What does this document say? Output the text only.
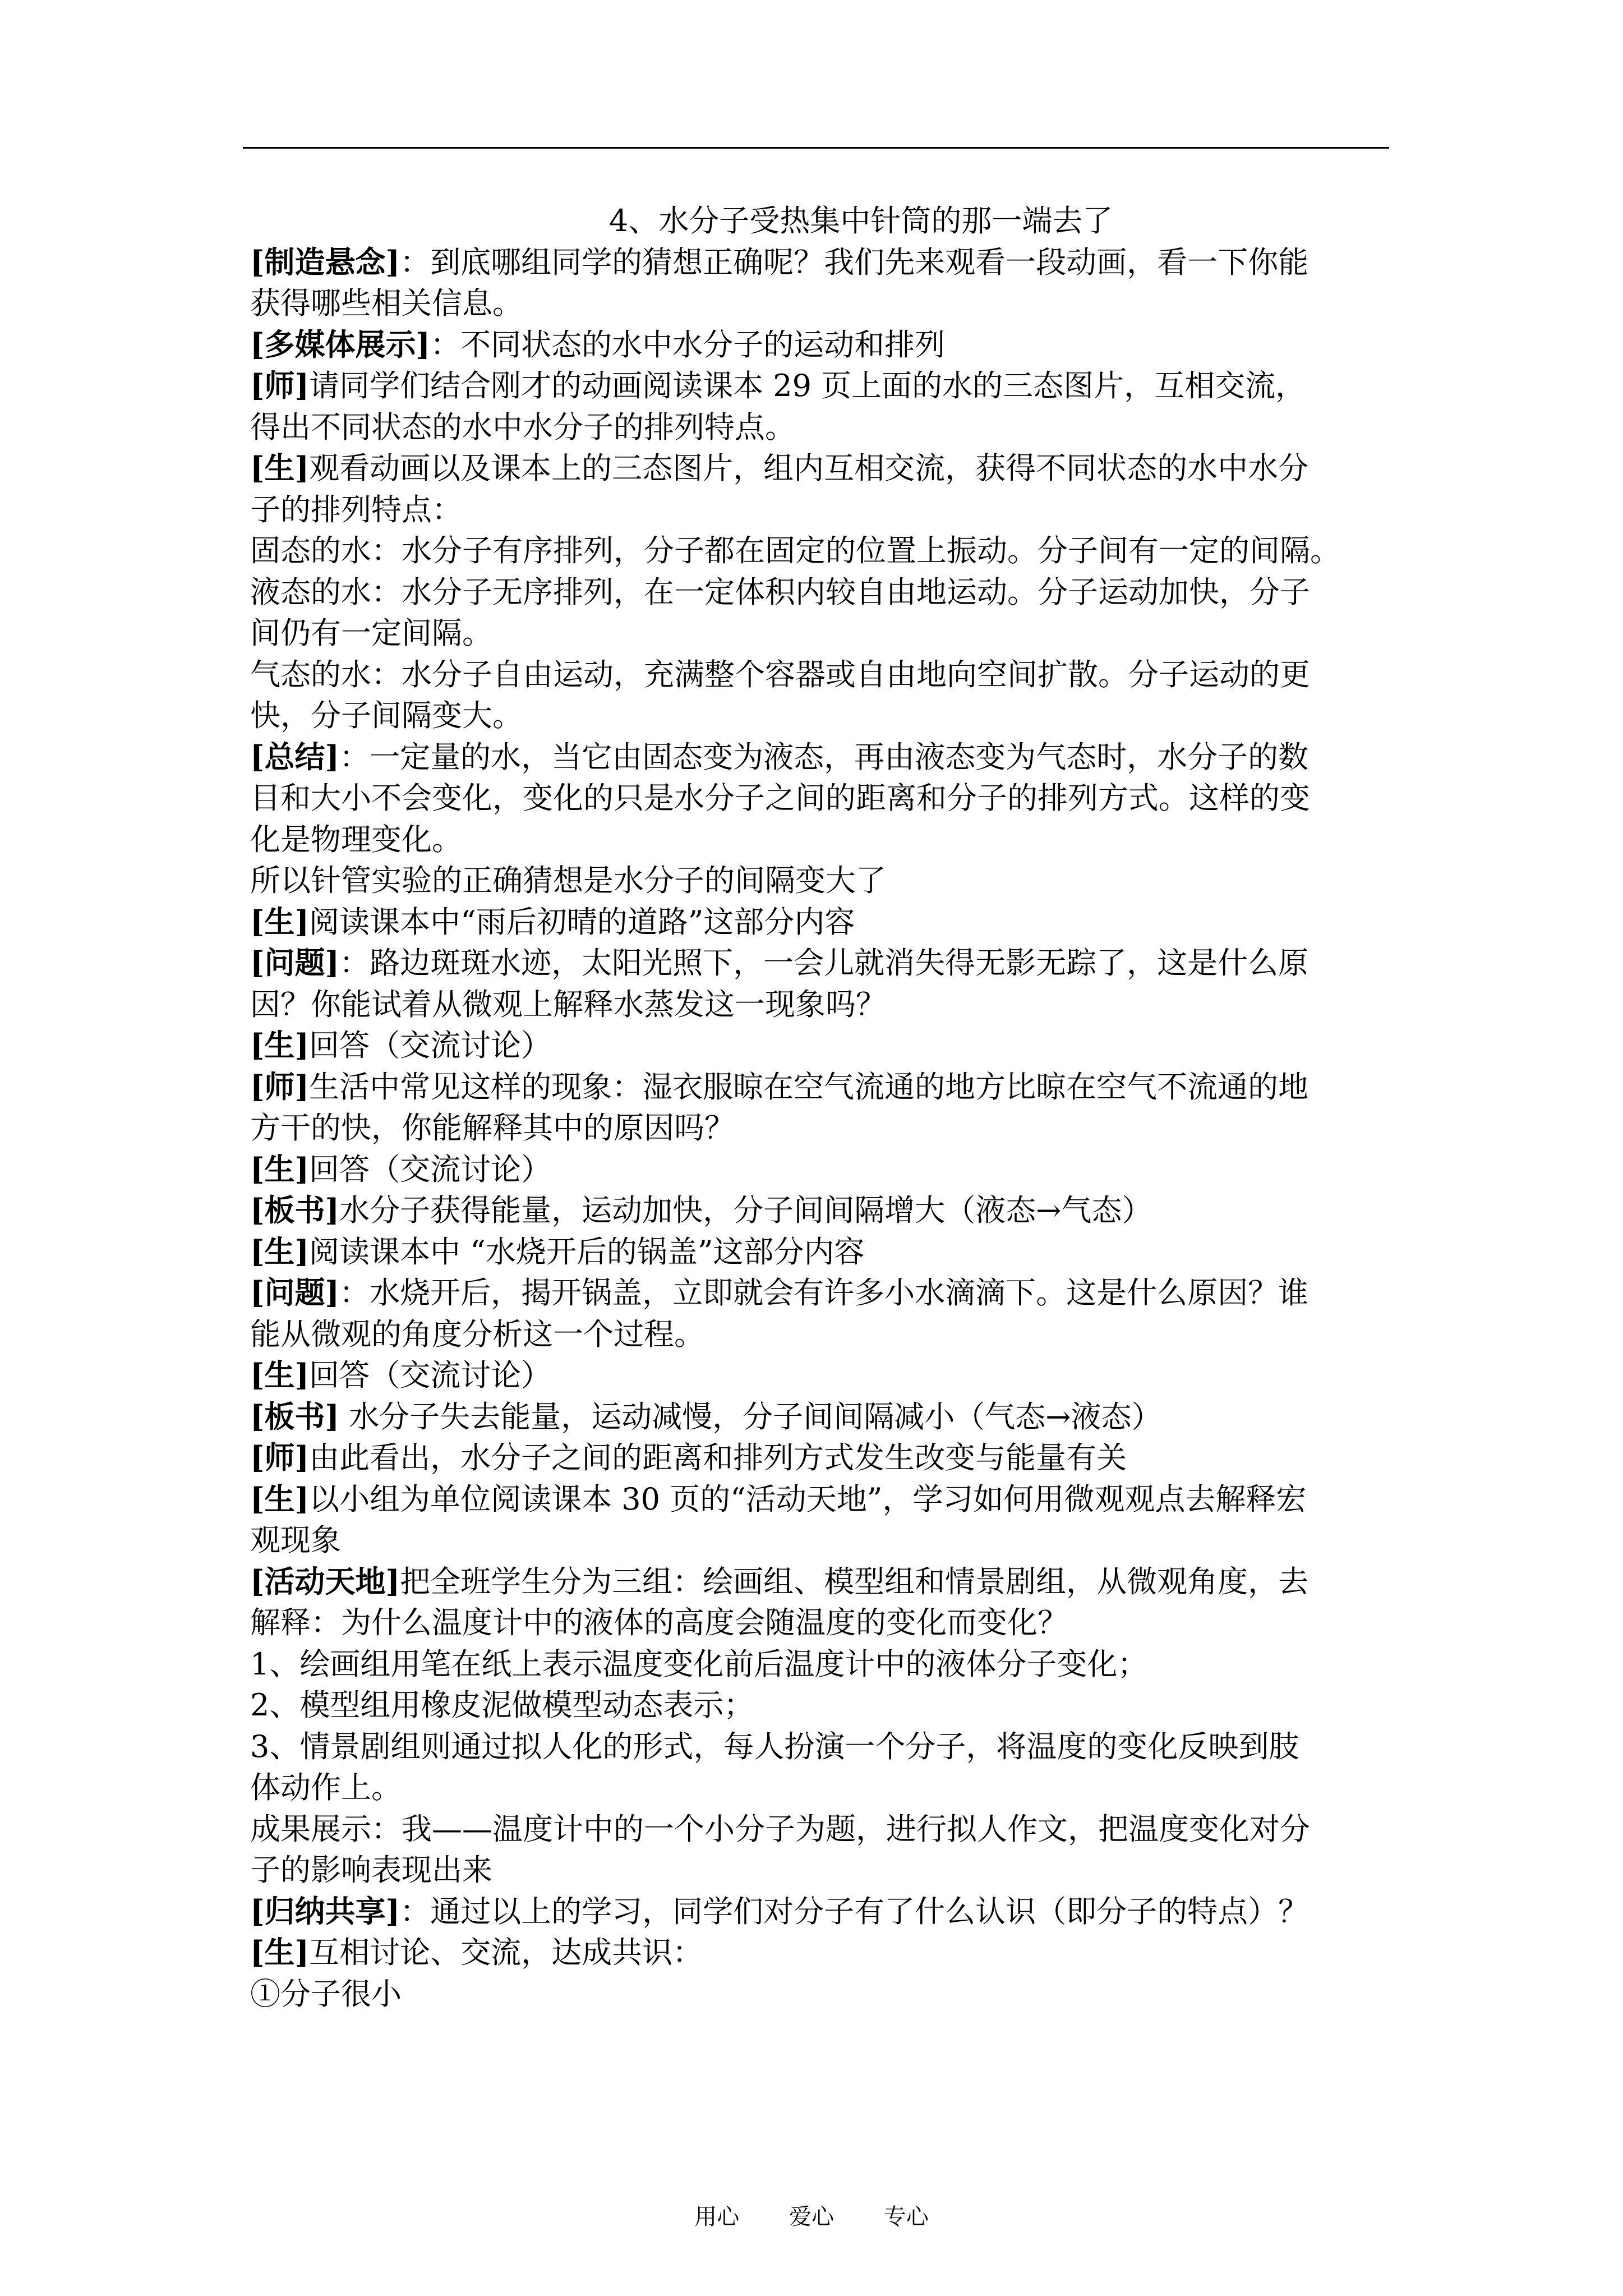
4、水分子受热集中针筒的那一端去了
[制造悬念]：到底哪组同学的猜想正确呢？我们先来观看一段动画，看一下你能
获得哪些相关信息。
[多媒体展示]：不同状态的水中水分子的运动和排列
[师]请同学们结合刚才的动画阅读课本 29 页上面的水的三态图片，互相交流，
得出不同状态的水中水分子的排列特点。
[生]观看动画以及课本上的三态图片，组内互相交流，获得不同状态的水中水分
子的排列特点：
固态的水：水分子有序排列，分子都在固定的位置上振动。分子间有一定的间隔。
液态的水：水分子无序排列，在一定体积内较自由地运动。分子运动加快，分子
间仍有一定间隔。
气态的水：水分子自由运动，充满整个容器或自由地向空间扩散。分子运动的更
快，分子间隔变大。
[总结]：一定量的水，当它由固态变为液态，再由液态变为气态时，水分子的数
目和大小不会变化，变化的只是水分子之间的距离和分子的排列方式。这样的变
化是物理变化。
所以针管实验的正确猜想是水分子的间隔变大了
[生]阅读课本中“雨后初晴的道路”这部分内容
[问题]：路边斑斑水迹，太阳光照下，一会儿就消失得无影无踪了，这是什么原
因？你能试着从微观上解释水蒸发这一现象吗？
[生]回答（交流讨论）
[师]生活中常见这样的现象：湿衣服晾在空气流通的地方比晾在空气不流通的地
方干的快，你能解释其中的原因吗？
[生]回答（交流讨论）
[板书]水分子获得能量，运动加快，分子间间隔增大（液态→气态）
[生]阅读课本中 “水烧开后的锅盖”这部分内容
[问题]：水烧开后，揭开锅盖，立即就会有许多小水滴滴下。这是什么原因？谁
能从微观的角度分析这一个过程。
[生]回答（交流讨论）
[板书] 水分子失去能量，运动减慢，分子间间隔减小（气态→液态）
[师]由此看出，水分子之间的距离和排列方式发生改变与能量有关
[生]以小组为单位阅读课本 30 页的“活动天地”，学习如何用微观观点去解释宏
观现象
[活动天地]把全班学生分为三组：绘画组、模型组和情景剧组，从微观角度，去
解释：为什么温度计中的液体的高度会随温度的变化而变化？
1、绘画组用笔在纸上表示温度变化前后温度计中的液体分子变化；
2、模型组用橡皮泥做模型动态表示；
3、情景剧组则通过拟人化的形式，每人扮演一个分子，将温度的变化反映到肢
体动作上。
成果展示：我——温度计中的一个小分子为题，进行拟人作文，把温度变化对分
子的影响表现出来
[归纳共享]：通过以上的学习，同学们对分子有了什么认识（即分子的特点）？
[生]互相讨论、交流，达成共识：
①分子很小
用心 爱心 专心
